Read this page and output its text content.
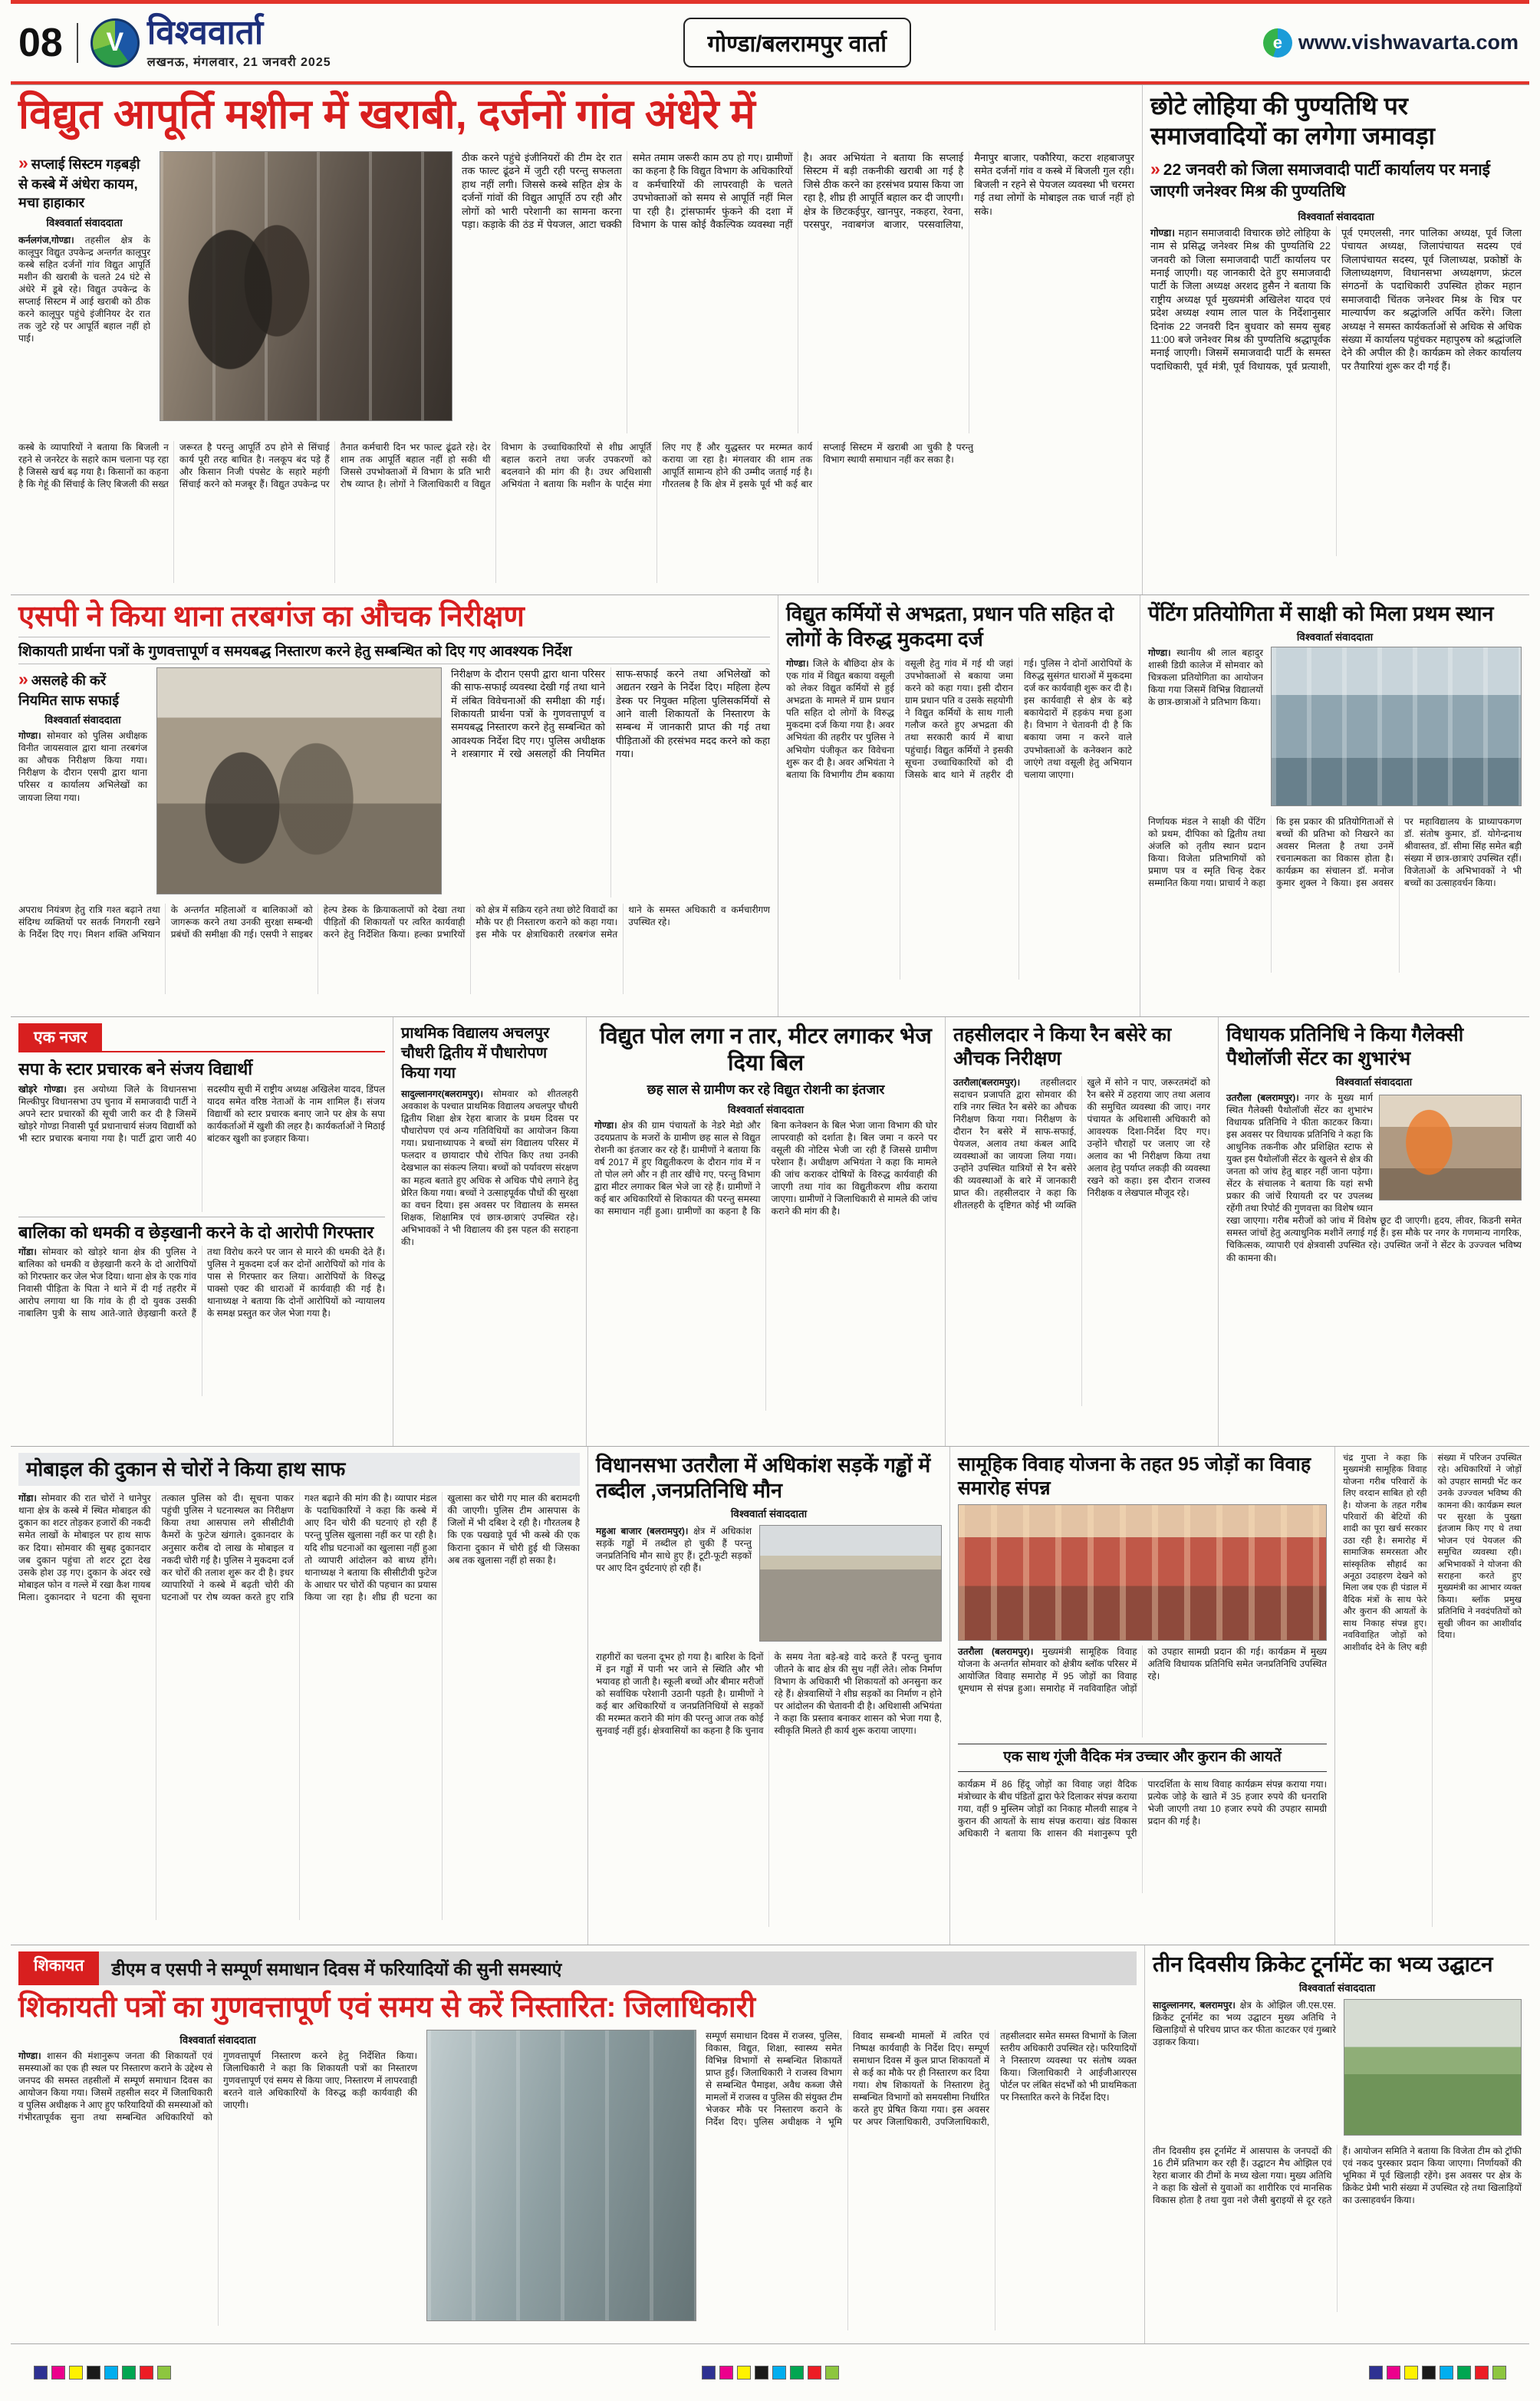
08	V विश्ववार्ता
लखनऊ, मंगलवार, 21 जनवरी 2025
गोण्डा/बलरामपुर वार्ता	e www.vishwavarta.com
विद्युत आपूर्ति मशीन में खराबी, दर्जनों गांव अंधेरे में
» सप्लाई सिस्टम गड़बड़ी से कस्बे में अंधेरा कायम, मचा हाहाकार
विश्ववार्ता संवाददाता
कर्नलगंज,गोण्डा। तहसील क्षेत्र के कालूपुर विद्युत उपकेन्द्र अन्तर्गत कालूपुर कस्बे सहित दर्जनों गांव विद्युत आपूर्ति मशीन की खराबी के चलते 24 घंटे से अंधेरे में डूबे रहे। विद्युत उपकेन्द्र के सप्लाई सिस्टम में आई खराबी को ठीक करने कालूपुर पहुंचे इंजीनियर देर रात तक जुटे रहे पर आपूर्ति बहाल नहीं हो पाई।
ठीक करने पहुंचे इंजीनियरों की टीम देर रात तक फाल्ट ढूंढने में जुटी रही परन्तु सफलता हाथ नहीं लगी। जिससे कस्बे सहित क्षेत्र के दर्जनों गांवों की विद्युत आपूर्ति ठप रही और लोगों को भारी परेशानी का सामना करना पड़ा। कड़ाके की ठंड में पेयजल, आटा चक्की समेत तमाम जरूरी काम ठप हो गए। ग्रामीणों का कहना है कि विद्युत विभाग के अधिकारियों व कर्मचारियों की लापरवाही के चलते उपभोक्ताओं को समय से आपूर्ति नहीं मिल पा रही है। ट्रांसफार्मर फुंकने की दशा में विभाग के पास कोई वैकल्पिक व्यवस्था नहीं है। अवर अभियंता ने बताया कि सप्लाई सिस्टम में बड़ी तकनीकी खराबी आ गई है जिसे ठीक करने का हरसंभव प्रयास किया जा रहा है, शीघ्र ही आपूर्ति बहाल कर दी जाएगी। क्षेत्र के छिटकईपुर, खानपुर, नकहरा, रेवना, परसपुर, नवाबगंज बाजार, परसवालिया, मैनापुर बाजार, पकौरिया, कटरा शहबाजपुर समेत दर्जनों गांव व कस्बे में बिजली गुल रही। बिजली न रहने से पेयजल व्यवस्था भी चरमरा गई तथा लोगों के मोबाइल तक चार्ज नहीं हो सके।
कस्बे के व्यापारियों ने बताया कि बिजली न रहने से जनरेटर के सहारे काम चलाना पड़ रहा है जिससे खर्च बढ़ गया है। किसानों का कहना है कि गेहूं की सिंचाई के लिए बिजली की सख्त जरूरत है परन्तु आपूर्ति ठप होने से सिंचाई कार्य पूरी तरह बाधित है। नलकूप बंद पड़े हैं और किसान निजी पंपसेट के सहारे महंगी सिंचाई करने को मजबूर हैं। विद्युत उपकेन्द्र पर तैनात कर्मचारी दिन भर फाल्ट ढूंढते रहे। देर शाम तक आपूर्ति बहाल नहीं हो सकी थी जिससे उपभोक्ताओं में विभाग के प्रति भारी रोष व्याप्त है। लोगों ने जिलाधिकारी व विद्युत विभाग के उच्चाधिकारियों से शीघ्र आपूर्ति बहाल कराने तथा जर्जर उपकरणों को बदलवाने की मांग की है। उधर अधिशासी अभियंता ने बताया कि मशीन के पार्ट्स मंगा लिए गए हैं और युद्धस्तर पर मरम्मत कार्य कराया जा रहा है। मंगलवार की शाम तक आपूर्ति सामान्य होने की उम्मीद जताई गई है। गौरतलब है कि क्षेत्र में इसके पूर्व भी कई बार सप्लाई सिस्टम में खराबी आ चुकी है परन्तु विभाग स्थायी समाधान नहीं कर सका है।
छोटे लोहिया की पुण्यतिथि पर समाजवादियों का लगेगा जमावड़ा
» 22 जनवरी को जिला समाजवादी पार्टी कार्यालय पर मनाई जाएगी जनेश्वर मिश्र की पुण्यतिथि
विश्ववार्ता संवाददाता
गोण्डा। महान समाजवादी विचारक छोटे लोहिया के नाम से प्रसिद्ध जनेश्वर मिश्र की पुण्यतिथि 22 जनवरी को जिला समाजवादी पार्टी कार्यालय पर मनाई जाएगी। यह जानकारी देते हुए समाजवादी पार्टी के जिला अध्यक्ष अरशद हुसैन ने बताया कि राष्ट्रीय अध्यक्ष पूर्व मुख्यमंत्री अखिलेश यादव एवं प्रदेश अध्यक्ष श्याम लाल पाल के निर्देशानुसार दिनांक 22 जनवरी दिन बुधवार को समय सुबह 11:00 बजे जनेश्वर मिश्र की पुण्यतिथि श्रद्धापूर्वक मनाई जाएगी। जिसमें समाजवादी पार्टी के समस्त पदाधिकारी, पूर्व मंत्री, पूर्व विधायक, पूर्व प्रत्याशी, पूर्व एमएलसी, नगर पालिका अध्यक्ष, पूर्व जिला पंचायत अध्यक्ष, जिलापंचायत सदस्य एवं जिलापंचायत सदस्य, पूर्व जिलाध्यक्ष, प्रकोष्ठों के जिलाध्यक्षगण, विधानसभा अध्यक्षगण, फ्रंटल संगठनों के पदाधिकारी उपस्थित होकर महान समाजवादी चिंतक जनेश्वर मिश्र के चित्र पर माल्यार्पण कर श्रद्धांजलि अर्पित करेंगे। जिला अध्यक्ष ने समस्त कार्यकर्ताओं से अधिक से अधिक संख्या में कार्यालय पहुंचकर महापुरुष को श्रद्धांजलि देने की अपील की है। कार्यक्रम को लेकर कार्यालय पर तैयारियां शुरू कर दी गई हैं।
एसपी ने किया थाना तरबगंज का औचक निरीक्षण
शिकायती प्रार्थना पत्रों के गुणवत्तापूर्ण व समयबद्ध निस्तारण करने हेतु सम्बन्धित को दिए गए आवश्यक निर्देश
» असलहे की करें नियमित साफ सफाई
विश्ववार्ता संवाददाता
गोण्डा। सोमवार को पुलिस अधीक्षक विनीत जायसवाल द्वारा थाना तरबगंज का औचक निरीक्षण किया गया। निरीक्षण के दौरान एसपी द्वारा थाना परिसर व कार्यालय अभिलेखों का जायजा लिया गया।
निरीक्षण के दौरान एसपी द्वारा थाना परिसर की साफ-सफाई व्यवस्था देखी गई तथा थाने में लंबित विवेचनाओं की समीक्षा की गई। शिकायती प्रार्थना पत्रों के गुणवत्तापूर्ण व समयबद्ध निस्तारण करने हेतु सम्बन्धित को आवश्यक निर्देश दिए गए। पुलिस अधीक्षक ने शस्त्रागार में रखे असलहों की नियमित साफ-सफाई करने तथा अभिलेखों को अद्यतन रखने के निर्देश दिए। महिला हेल्प डेस्क पर नियुक्त महिला पुलिसकर्मियों से आने वाली शिकायतों के निस्तारण के सम्बन्ध में जानकारी प्राप्त की गई तथा पीड़िताओं की हरसंभव मदद करने को कहा गया।
अपराध नियंत्रण हेतु रात्रि गश्त बढ़ाने तथा संदिग्ध व्यक्तियों पर सतर्क निगरानी रखने के निर्देश दिए गए। मिशन शक्ति अभियान के अन्तर्गत महिलाओं व बालिकाओं को जागरूक करने तथा उनकी सुरक्षा सम्बन्धी प्रबंधों की समीक्षा की गई। एसपी ने साइबर हेल्प डेस्क के क्रियाकलापों को देखा तथा पीड़ितों की शिकायतों पर त्वरित कार्यवाही करने हेतु निर्देशित किया। हल्का प्रभारियों को क्षेत्र में सक्रिय रहने तथा छोटे विवादों का मौके पर ही निस्तारण कराने को कहा गया। इस मौके पर क्षेत्राधिकारी तरबगंज समेत थाने के समस्त अधिकारी व कर्मचारीगण उपस्थित रहे।
विद्युत कर्मियों से अभद्रता, प्रधान पति सहित दो लोगों के विरुद्ध मुकदमा दर्ज
गोण्डा। जिले के बौछिदा क्षेत्र के एक गांव में विद्युत बकाया वसूली को लेकर विद्युत कर्मियों से हुई अभद्रता के मामले में ग्राम प्रधान पति सहित दो लोगों के विरुद्ध मुकदमा दर्ज किया गया है। अवर अभियंता की तहरीर पर पुलिस ने अभियोग पंजीकृत कर विवेचना शुरू कर दी है। अवर अभियंता ने बताया कि विभागीय टीम बकाया वसूली हेतु गांव में गई थी जहां उपभोक्ताओं से बकाया जमा करने को कहा गया। इसी दौरान ग्राम प्रधान पति व उसके सहयोगी ने विद्युत कर्मियों के साथ गाली गलौज करते हुए अभद्रता की तथा सरकारी कार्य में बाधा पहुंचाई। विद्युत कर्मियों ने इसकी सूचना उच्चाधिकारियों को दी जिसके बाद थाने में तहरीर दी गई। पुलिस ने दोनों आरोपियों के विरुद्ध सुसंगत धाराओं में मुकदमा दर्ज कर कार्यवाही शुरू कर दी है। इस कार्यवाही से क्षेत्र के बड़े बकायेदारों में हड़कंप मचा हुआ है। विभाग ने चेतावनी दी है कि बकाया जमा न करने वाले उपभोक्ताओं के कनेक्शन काटे जाएंगे तथा वसूली हेतु अभियान चलाया जाएगा।
पेंटिंग प्रतियोगिता में साक्षी को मिला प्रथम स्थान
विश्ववार्ता संवाददाता
गोण्डा। स्थानीय श्री लाल बहादुर शास्त्री डिग्री कालेज में सोमवार को चित्रकला प्रतियोगिता का आयोजन किया गया जिसमें विभिन्न विद्यालयों के छात्र-छात्राओं ने प्रतिभाग किया।
निर्णायक मंडल ने साक्षी की पेंटिंग को प्रथम, दीपिका को द्वितीय तथा अंजलि को तृतीय स्थान प्रदान किया। विजेता प्रतिभागियों को प्रमाण पत्र व स्मृति चिन्ह देकर सम्मानित किया गया। प्राचार्य ने कहा कि इस प्रकार की प्रतियोगिताओं से बच्चों की प्रतिभा को निखरने का अवसर मिलता है तथा उनमें रचनात्मकता का विकास होता है। कार्यक्रम का संचालन डॉ. मनोज कुमार शुक्ल ने किया। इस अवसर पर महाविद्यालय के प्राध्यापकगण डॉ. संतोष कुमार, डॉ. योगेन्द्रनाथ श्रीवास्तव, डॉ. सीमा सिंह समेत बड़ी संख्या में छात्र-छात्राएं उपस्थित रहीं। विजेताओं के अभिभावकों ने भी बच्चों का उत्साहवर्धन किया।
एक नजर
सपा के स्टार प्रचारक बने संजय विद्यार्थी
खोड़रे गोण्डा। इस अयोध्या जिले के विधानसभा मिल्कीपुर विधानसभा उप चुनाव में समाजवादी पार्टी ने अपने स्टार प्रचारकों की सूची जारी कर दी है जिसमें खोड़रे गोण्डा निवासी पूर्व प्रधानाचार्य संजय विद्यार्थी को भी स्टार प्रचारक बनाया गया है। पार्टी द्वारा जारी 40 सदस्यीय सूची में राष्ट्रीय अध्यक्ष अखिलेश यादव, डिंपल यादव समेत वरिष्ठ नेताओं के नाम शामिल हैं। संजय विद्यार्थी को स्टार प्रचारक बनाए जाने पर क्षेत्र के सपा कार्यकर्ताओं में खुशी की लहर है। कार्यकर्ताओं ने मिठाई बांटकर खुशी का इजहार किया।
बालिका को धमकी व छेड़खानी करने के दो आरोपी गिरफ्तार
गोंडा। सोमवार को खोड़रे थाना क्षेत्र की पुलिस ने बालिका को धमकी व छेड़खानी करने के दो आरोपियों को गिरफ्तार कर जेल भेज दिया। थाना क्षेत्र के एक गांव निवासी पीड़िता के पिता ने थाने में दी गई तहरीर में आरोप लगाया था कि गांव के ही दो युवक उसकी नाबालिग पुत्री के साथ आते-जाते छेड़खानी करते हैं तथा विरोध करने पर जान से मारने की धमकी देते हैं। पुलिस ने मुकदमा दर्ज कर दोनों आरोपियों को गांव के पास से गिरफ्तार कर लिया। आरोपियों के विरुद्ध पाक्सो एक्ट की धाराओं में कार्यवाही की गई है। थानाध्यक्ष ने बताया कि दोनों आरोपियों को न्यायालय के समक्ष प्रस्तुत कर जेल भेजा गया है।
प्राथमिक विद्यालय अचलपुर चौधरी द्वितीय में पौधारोपण किया गया
सादुल्लानगर(बलरामपुर)। सोमवार को शीतलहरी अवकाश के पश्चात प्राथमिक विद्यालय अचलपुर चौधरी द्वितीय शिक्षा क्षेत्र रेहरा बाजार के प्रथम दिवस पर पौधारोपण एवं अन्य गतिविधियों का आयोजन किया गया। प्रधानाध्यापक ने बच्चों संग विद्यालय परिसर में फलदार व छायादार पौधे रोपित किए तथा उनकी देखभाल का संकल्प लिया। बच्चों को पर्यावरण संरक्षण का महत्व बताते हुए अधिक से अधिक पौधे लगाने हेतु प्रेरित किया गया। बच्चों ने उत्साहपूर्वक पौधों की सुरक्षा का वचन दिया। इस अवसर पर विद्यालय के समस्त शिक्षक, शिक्षामित्र एवं छात्र-छात्राएं उपस्थित रहे। अभिभावकों ने भी विद्यालय की इस पहल की सराहना की।
विद्युत पोल लगा न तार, मीटर लगाकर भेज दिया बिल
छह साल से ग्रामीण कर रहे विद्युत रोशनी का इंतजार
विश्ववार्ता संवाददाता
गोण्डा। क्षेत्र की ग्राम पंचायतों के नेडरे मेडो और उदयप्रताप के मजरों के ग्रामीण छह साल से विद्युत रोशनी का इंतजार कर रहे हैं। ग्रामीणों ने बताया कि वर्ष 2017 में हुए विद्युतीकरण के दौरान गांव में न तो पोल लगे और न ही तार खींचे गए, परन्तु विभाग द्वारा मीटर लगाकर बिल भेजे जा रहे हैं। ग्रामीणों ने कई बार अधिकारियों से शिकायत की परन्तु समस्या का समाधान नहीं हुआ। ग्रामीणों का कहना है कि बिना कनेक्शन के बिल भेजा जाना विभाग की घोर लापरवाही को दर्शाता है। बिल जमा न करने पर वसूली की नोटिस भेजी जा रही हैं जिससे ग्रामीण परेशान हैं। अधीक्षण अभियंता ने कहा कि मामले की जांच कराकर दोषियों के विरुद्ध कार्यवाही की जाएगी तथा गांव का विद्युतीकरण शीघ्र कराया जाएगा। ग्रामीणों ने जिलाधिकारी से मामले की जांच कराने की मांग की है।
तहसीलदार ने किया रैन बसेरे का औचक निरीक्षण
उतरौला(बलरामपुर)। तहसीलदार सदाचन प्रजापति द्वारा सोमवार की रात्रि नगर स्थित रैन बसेरे का औचक निरीक्षण किया गया। निरीक्षण के दौरान रैन बसेरे में साफ-सफाई, पेयजल, अलाव तथा कंबल आदि व्यवस्थाओं का जायजा लिया गया। उन्होंने उपस्थित यात्रियों से रैन बसेरे की व्यवस्थाओं के बारे में जानकारी प्राप्त की। तहसीलदार ने कहा कि शीतलहरी के दृष्टिगत कोई भी व्यक्ति खुले में सोने न पाए, जरूरतमंदों को रैन बसेरे में ठहराया जाए तथा अलाव की समुचित व्यवस्था की जाए। नगर पंचायत के अधिशासी अधिकारी को आवश्यक दिशा-निर्देश दिए गए। उन्होंने चौराहों पर जलाए जा रहे अलाव का भी निरीक्षण किया तथा अलाव हेतु पर्याप्त लकड़ी की व्यवस्था रखने को कहा। इस दौरान राजस्व निरीक्षक व लेखपाल मौजूद रहे।
विधायक प्रतिनिधि ने किया गैलेक्सी पैथोलॉजी सेंटर का शुभारंभ
विश्ववार्ता संवाददाता
उतरौला (बलरामपुर)। नगर के मुख्य मार्ग स्थित गैलेक्सी पैथोलॉजी सेंटर का शुभारंभ विधायक प्रतिनिधि ने फीता काटकर किया। इस अवसर पर विधायक प्रतिनिधि ने कहा कि आधुनिक तकनीक और प्रशिक्षित स्टाफ से युक्त इस पैथोलॉजी सेंटर के खुलने से क्षेत्र की जनता को जांच हेतु बाहर नहीं जाना पड़ेगा। सेंटर के संचालक ने बताया कि यहां सभी प्रकार की जांचें रियायती दर पर उपलब्ध रहेंगी तथा रिपोर्ट की गुणवत्ता का विशेष ध्यान रखा जाएगा। गरीब मरीजों को जांच में विशेष छूट दी जाएगी। हृदय, लीवर, किडनी समेत समस्त जांचों हेतु अत्याधुनिक मशीनें लगाई गई हैं। इस मौके पर नगर के गणमान्य नागरिक, चिकित्सक, व्यापारी एवं क्षेत्रवासी उपस्थित रहे। उपस्थित जनों ने सेंटर के उज्ज्वल भविष्य की कामना की।
मोबाइल की दुकान से चोरों ने किया हाथ साफ
गोंडा। सोमवार की रात चोरों ने धानेपुर थाना क्षेत्र के कस्बे में स्थित मोबाइल की दुकान का शटर तोड़कर हजारों की नकदी समेत लाखों के मोबाइल पर हाथ साफ कर दिया। सोमवार की सुबह दुकानदार जब दुकान पहुंचा तो शटर टूटा देख उसके होश उड़ गए। दुकान के अंदर रखे मोबाइल फोन व गल्ले में रखा कैश गायब मिला। दुकानदार ने घटना की सूचना तत्काल पुलिस को दी। सूचना पाकर पहुंची पुलिस ने घटनास्थल का निरीक्षण किया तथा आसपास लगे सीसीटीवी कैमरों के फुटेज खंगाले। दुकानदार के अनुसार करीब दो लाख के मोबाइल व नकदी चोरी गई है। पुलिस ने मुकदमा दर्ज कर चोरों की तलाश शुरू कर दी है। इधर व्यापारियों ने कस्बे में बढ़ती चोरी की घटनाओं पर रोष व्यक्त करते हुए रात्रि गश्त बढ़ाने की मांग की है। व्यापार मंडल के पदाधिकारियों ने कहा कि कस्बे में आए दिन चोरी की घटनाएं हो रही हैं परन्तु पुलिस खुलासा नहीं कर पा रही है। यदि शीघ्र घटनाओं का खुलासा नहीं हुआ तो व्यापारी आंदोलन को बाध्य होंगे। थानाध्यक्ष ने बताया कि सीसीटीवी फुटेज के आधार पर चोरों की पहचान का प्रयास किया जा रहा है। शीघ्र ही घटना का खुलासा कर चोरी गए माल की बरामदगी की जाएगी। पुलिस टीम आसपास के जिलों में भी दबिश दे रही है। गौरतलब है कि एक पखवाड़े पूर्व भी कस्बे की एक किराना दुकान में चोरी हुई थी जिसका अब तक खुलासा नहीं हो सका है।
विधानसभा उतरौला में अधिकांश सड़कें गड्ढों में तब्दील ,जनप्रतिनिधि मौन
विश्ववार्ता संवाददाता
महुआ बाजार (बलरामपुर)। क्षेत्र में अधिकांश सड़कें गड्ढों में तब्दील हो चुकी हैं परन्तु जनप्रतिनिधि मौन साधे हुए हैं। टूटी-फूटी सड़कों पर आए दिन दुर्घटनाएं हो रही हैं।
राहगीरों का चलना दूभर हो गया है। बारिश के दिनों में इन गड्ढों में पानी भर जाने से स्थिति और भी भयावह हो जाती है। स्कूली बच्चों और बीमार मरीजों को सर्वाधिक परेशानी उठानी पड़ती है। ग्रामीणों ने कई बार अधिकारियों व जनप्रतिनिधियों से सड़कों की मरम्मत कराने की मांग की परन्तु आज तक कोई सुनवाई नहीं हुई। क्षेत्रवासियों का कहना है कि चुनाव के समय नेता बड़े-बड़े वादे करते हैं परन्तु चुनाव जीतने के बाद क्षेत्र की सुध नहीं लेते। लोक निर्माण विभाग के अधिकारी भी शिकायतों को अनसुना कर रहे हैं। क्षेत्रवासियों ने शीघ्र सड़कों का निर्माण न होने पर आंदोलन की चेतावनी दी है। अधिशासी अभियंता ने कहा कि प्रस्ताव बनाकर शासन को भेजा गया है, स्वीकृति मिलते ही कार्य शुरू कराया जाएगा।
सामूहिक विवाह योजना के तहत 95 जोड़ों का विवाह समारोह संपन्न
उतरौला (बलरामपुर)। मुख्यमंत्री सामूहिक विवाह योजना के अन्तर्गत सोमवार को क्षेत्रीय ब्लॉक परिसर में आयोजित विवाह समारोह में 95 जोड़ों का विवाह धूमधाम से संपन्न हुआ। समारोह में नवविवाहित जोड़ों को उपहार सामग्री प्रदान की गई। कार्यक्रम में मुख्य अतिथि विधायक प्रतिनिधि समेत जनप्रतिनिधि उपस्थित रहे।
एक साथ गूंजी वैदिक मंत्र उच्चार और कुरान की आयतें
कार्यक्रम में 86 हिंदू जोड़ों का विवाह जहां वैदिक मंत्रोच्चार के बीच पंडितों द्वारा फेरे दिलाकर संपन्न कराया गया, वहीं 9 मुस्लिम जोड़ों का निकाह मौलवी साहब ने कुरान की आयतों के साथ संपन्न कराया। खंड विकास अधिकारी ने बताया कि शासन की मंशानुरूप पूरी पारदर्शिता के साथ विवाह कार्यक्रम संपन्न कराया गया। प्रत्येक जोड़े के खाते में 35 हजार रुपये की धनराशि भेजी जाएगी तथा 10 हजार रुपये की उपहार सामग्री प्रदान की गई है।
चंद्र गुप्ता ने कहा कि मुख्यमंत्री सामूहिक विवाह योजना गरीब परिवारों के लिए वरदान साबित हो रही है। योजना के तहत गरीब परिवारों की बेटियों की शादी का पूरा खर्च सरकार उठा रही है। समारोह में सामाजिक समरसता और सांस्कृतिक सौहार्द का अनूठा उदाहरण देखने को मिला जब एक ही पंडाल में वैदिक मंत्रों के साथ फेरे और कुरान की आयतों के साथ निकाह संपन्न हुए। नवविवाहित जोड़ों को आशीर्वाद देने के लिए बड़ी संख्या में परिजन उपस्थित रहे। अधिकारियों ने जोड़ों को उपहार सामग्री भेंट कर उनके उज्ज्वल भविष्य की कामना की। कार्यक्रम स्थल पर सुरक्षा के पुख्ता इंतजाम किए गए थे तथा भोजन एवं पेयजल की समुचित व्यवस्था रही। अभिभावकों ने योजना की सराहना करते हुए मुख्यमंत्री का आभार व्यक्त किया। ब्लॉक प्रमुख प्रतिनिधि ने नवदंपतियों को सुखी जीवन का आशीर्वाद दिया।
शिकायत	डीएम व एसपी ने सम्पूर्ण समाधान दिवस में फरियादियों की सुनी समस्याएं
शिकायती पत्रों का गुणवत्तापूर्ण एवं समय से करें निस्तारित: जिलाधिकारी
विश्ववार्ता संवाददाता
गोण्डा। शासन की मंशानुरूप जनता की शिकायतों एवं समस्याओं का एक ही स्थल पर निस्तारण कराने के उद्देश्य से जनपद की समस्त तहसीलों में सम्पूर्ण समाधान दिवस का आयोजन किया गया। जिसमें तहसील सदर में जिलाधिकारी व पुलिस अधीक्षक ने आए हुए फरियादियों की समस्याओं को गंभीरतापूर्वक सुना तथा सम्बन्धित अधिकारियों को गुणवत्तापूर्ण निस्तारण करने हेतु निर्देशित किया। जिलाधिकारी ने कहा कि शिकायती पत्रों का निस्तारण गुणवत्तापूर्ण एवं समय से किया जाए, निस्तारण में लापरवाही बरतने वाले अधिकारियों के विरुद्ध कड़ी कार्यवाही की जाएगी।
सम्पूर्ण समाधान दिवस में राजस्व, पुलिस, विकास, विद्युत, शिक्षा, स्वास्थ्य समेत विभिन्न विभागों से सम्बन्धित शिकायतें प्राप्त हुईं। जिलाधिकारी ने राजस्व विभाग से सम्बन्धित पैमाइश, अवैध कब्जा जैसे मामलों में राजस्व व पुलिस की संयुक्त टीम भेजकर मौके पर निस्तारण कराने के निर्देश दिए। पुलिस अधीक्षक ने भूमि विवाद सम्बन्धी मामलों में त्वरित एवं निष्पक्ष कार्यवाही के निर्देश दिए। सम्पूर्ण समाधान दिवस में कुल प्राप्त शिकायतों में से कई का मौके पर ही निस्तारण कर दिया गया। शेष शिकायतों के निस्तारण हेतु सम्बन्धित विभागों को समयसीमा निर्धारित करते हुए प्रेषित किया गया। इस अवसर पर अपर जिलाधिकारी, उपजिलाधिकारी, तहसीलदार समेत समस्त विभागों के जिला स्तरीय अधिकारी उपस्थित रहे। फरियादियों ने निस्तारण व्यवस्था पर संतोष व्यक्त किया। जिलाधिकारी ने आईजीआरएस पोर्टल पर लंबित संदर्भों को भी प्राथमिकता पर निस्तारित करने के निर्देश दिए।
तीन दिवसीय क्रिकेट टूर्नामेंट का भव्य उद्घाटन
विश्ववार्ता संवाददाता
सादुल्लानगर, बलरामपुर। क्षेत्र के ओझिल जी.एस.एस. क्रिकेट टूर्नामेंट का भव्य उद्घाटन मुख्य अतिथि ने खिलाड़ियों से परिचय प्राप्त कर फीता काटकर एवं गुब्बारे उड़ाकर किया।
तीन दिवसीय इस टूर्नामेंट में आसपास के जनपदों की 16 टीमें प्रतिभाग कर रही हैं। उद्घाटन मैच ओझिल एवं रेहरा बाजार की टीमों के मध्य खेला गया। मुख्य अतिथि ने कहा कि खेलों से युवाओं का शारीरिक एवं मानसिक विकास होता है तथा युवा नशे जैसी बुराइयों से दूर रहते हैं। आयोजन समिति ने बताया कि विजेता टीम को ट्रॉफी एवं नकद पुरस्कार प्रदान किया जाएगा। निर्णायकों की भूमिका में पूर्व खिलाड़ी रहेंगे। इस अवसर पर क्षेत्र के क्रिकेट प्रेमी भारी संख्या में उपस्थित रहे तथा खिलाड़ियों का उत्साहवर्धन किया।
